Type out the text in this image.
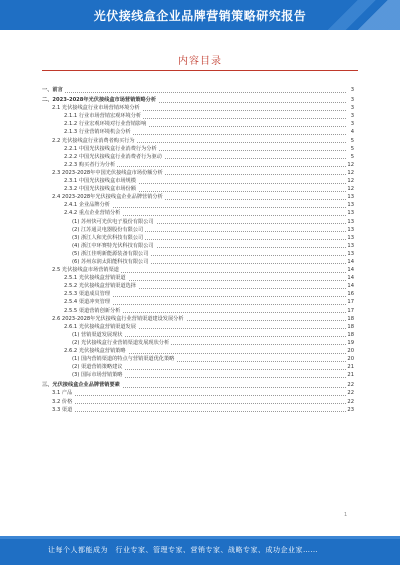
光伏接线盒企业品牌营销策略研究报告
内容目录
一、前言	3
二、2023-2028年光伏接线盒市场营销策略分析	3
2.1 光伏接线盒行业市场营销环境分析	3
2.1.1 行业市场营销宏观环境分析	3
2.1.2 行业宏观环境对行业营销影响	3
2.1.3 行业营销环境机会分析	4
2.2 光伏接线盒行业消费者购买行为	5
2.2.1 中国光伏接线盒行业消费行为分析	5
2.2.2 中国光伏接线盒行业消费者行为驱动	5
2.2.3 购买者行为分析	12
2.3 2023-2028年中国光伏接线盒市场份额分析	12
2.3.1 中国光伏接线盒市场规模	12
2.3.2 中国光伏接线盒市场份额	12
2.4 2023-2028年光伏接线盒企业品牌营销分析	13
2.4.1 企业品牌分析	13
2.4.2 重点企业营销分析	13
(1) 苏州快可光伏电子股份有限公司	13
(2) 江苏通灵电器股份有限公司	13
(3) 浙江人和光伏科技有限公司	13
(4) 浙江中环赛特光伏科技有限公司	13
(5) 浙江佳明新能源装备有限公司	13
(6) 苏州东润太阳能科技有限公司	14
2.5 光伏接线盒市场营销渠道	14
2.5.1 光伏接线盒营销渠道	14
2.5.2 光伏接线盒营销渠道选择	14
2.5.3 渠道成员管理	16
2.5.4 渠道冲突管理	17
2.5.5 渠道营销创新分析	17
2.6 2023-2028年光伏接线盒行业营销渠道建设发展分析	18
2.6.1 光伏接线盒营销渠道发展	18
(1) 营销渠道发展现状	18
(2) 光伏接线盒行业营销渠道发展现状分析	19
2.6.2 光伏接线盒营销策略	20
(1) 国内营销渠道的特点与营销渠道优化策略	20
(2) 渠道营销策略建议	21
(3) 国际市场营销策略	21
三、光伏接线盒企业品牌营销要素	22
3.1 产品	22
3.2 价格	22
3.3 渠道	23
1
让每个人都能成为　行业专家、管理专家、营销专家、战略专家、成功企业家……
